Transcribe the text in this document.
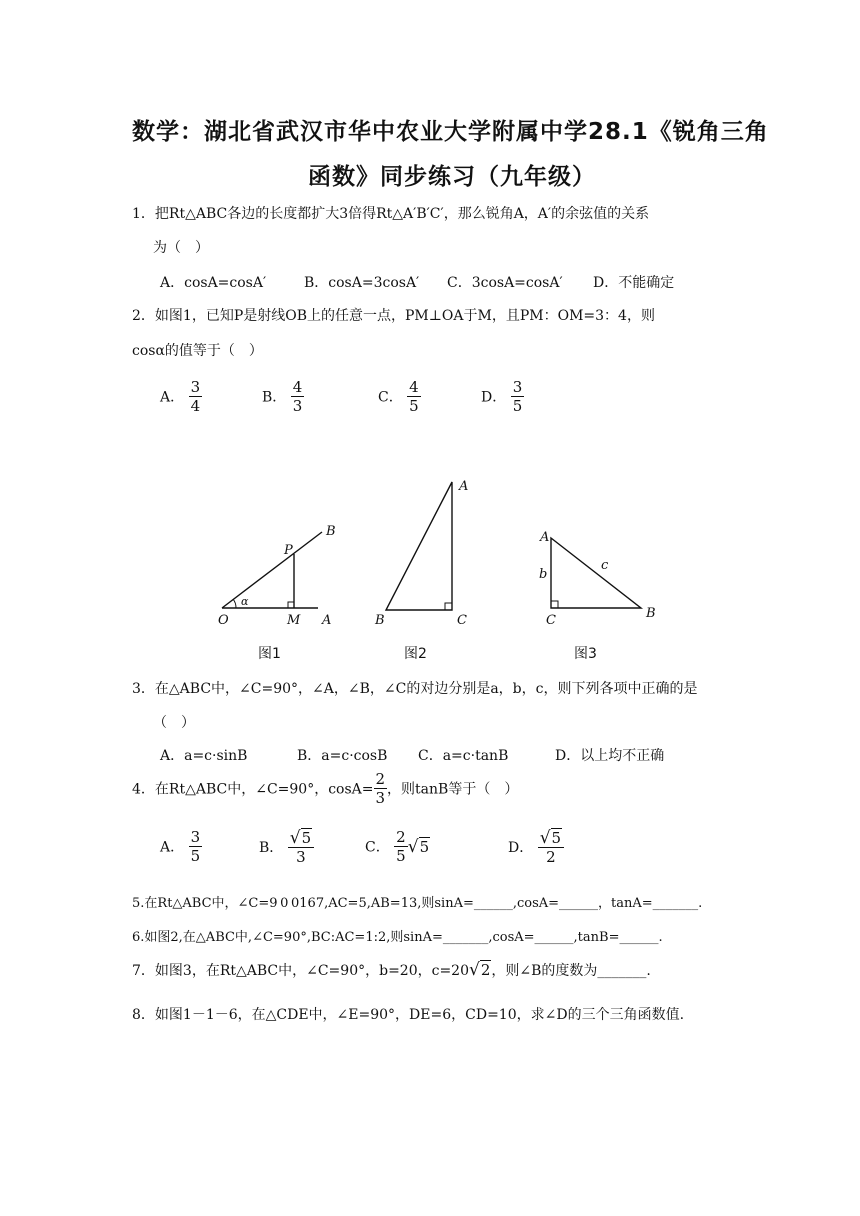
数学：湖北省武汉市华中农业大学附属中学28.1《锐角三角
函数》同步练习（九年级）
1．把Rt△ABC各边的长度都扩大3倍得Rt△A′B′C′，那么锐角A，A′的余弦值的关系
为（　）
A．cosA=cosA′	B．cosA=3cosA′ C．3cosA=cosA′ D．不能确定
2．如图1，已知P是射线OB上的任意一点，PM⊥OA于M，且PM：OM=3：4，则
cosα的值等于（　）
A． $\frac{3}{4}$	B． $\frac{4}{3}$	C． $\frac{4}{5}$	D． $\frac{3}{5}$
B
P
α
O	M A
A
B	C
A
b
c
C	B
图1	图2	图3
3．在△ABC中，∠C=90°，∠A，∠B，∠C的对边分别是a，b，c，则下列各项中正确的是
（　）
A．a=c·sinB	B．a=c·cosB C．a=c·tanB	D．以上均不正确
4．在Rt△ABC中，∠C=90°，$\cos A= \frac{2}{3}$ ，则tanB等于（　）
A． $\frac{3}{5}$	B． $\frac{√5}{3}$	C． $\frac{2}{5} √5$	D． $\frac{√5}{2}$
5.在Rt△ABC中，∠C=9 0 0167,AC=5,AB=13,则sinA=______,cosA=______，tanA=_______.
6.如图2,在△ABC中,∠C=90°,BC:AC=1:2,则sinA=_______,cosA=______,tanB=______.
7．如图3，在Rt△ABC中，∠C=90°，b=20，c=20√2，则∠B的度数为_______.
8．如图1－1－6，在△CDE中，∠E=90°，DE=6，CD=10，求∠D的三个三角函数值.
